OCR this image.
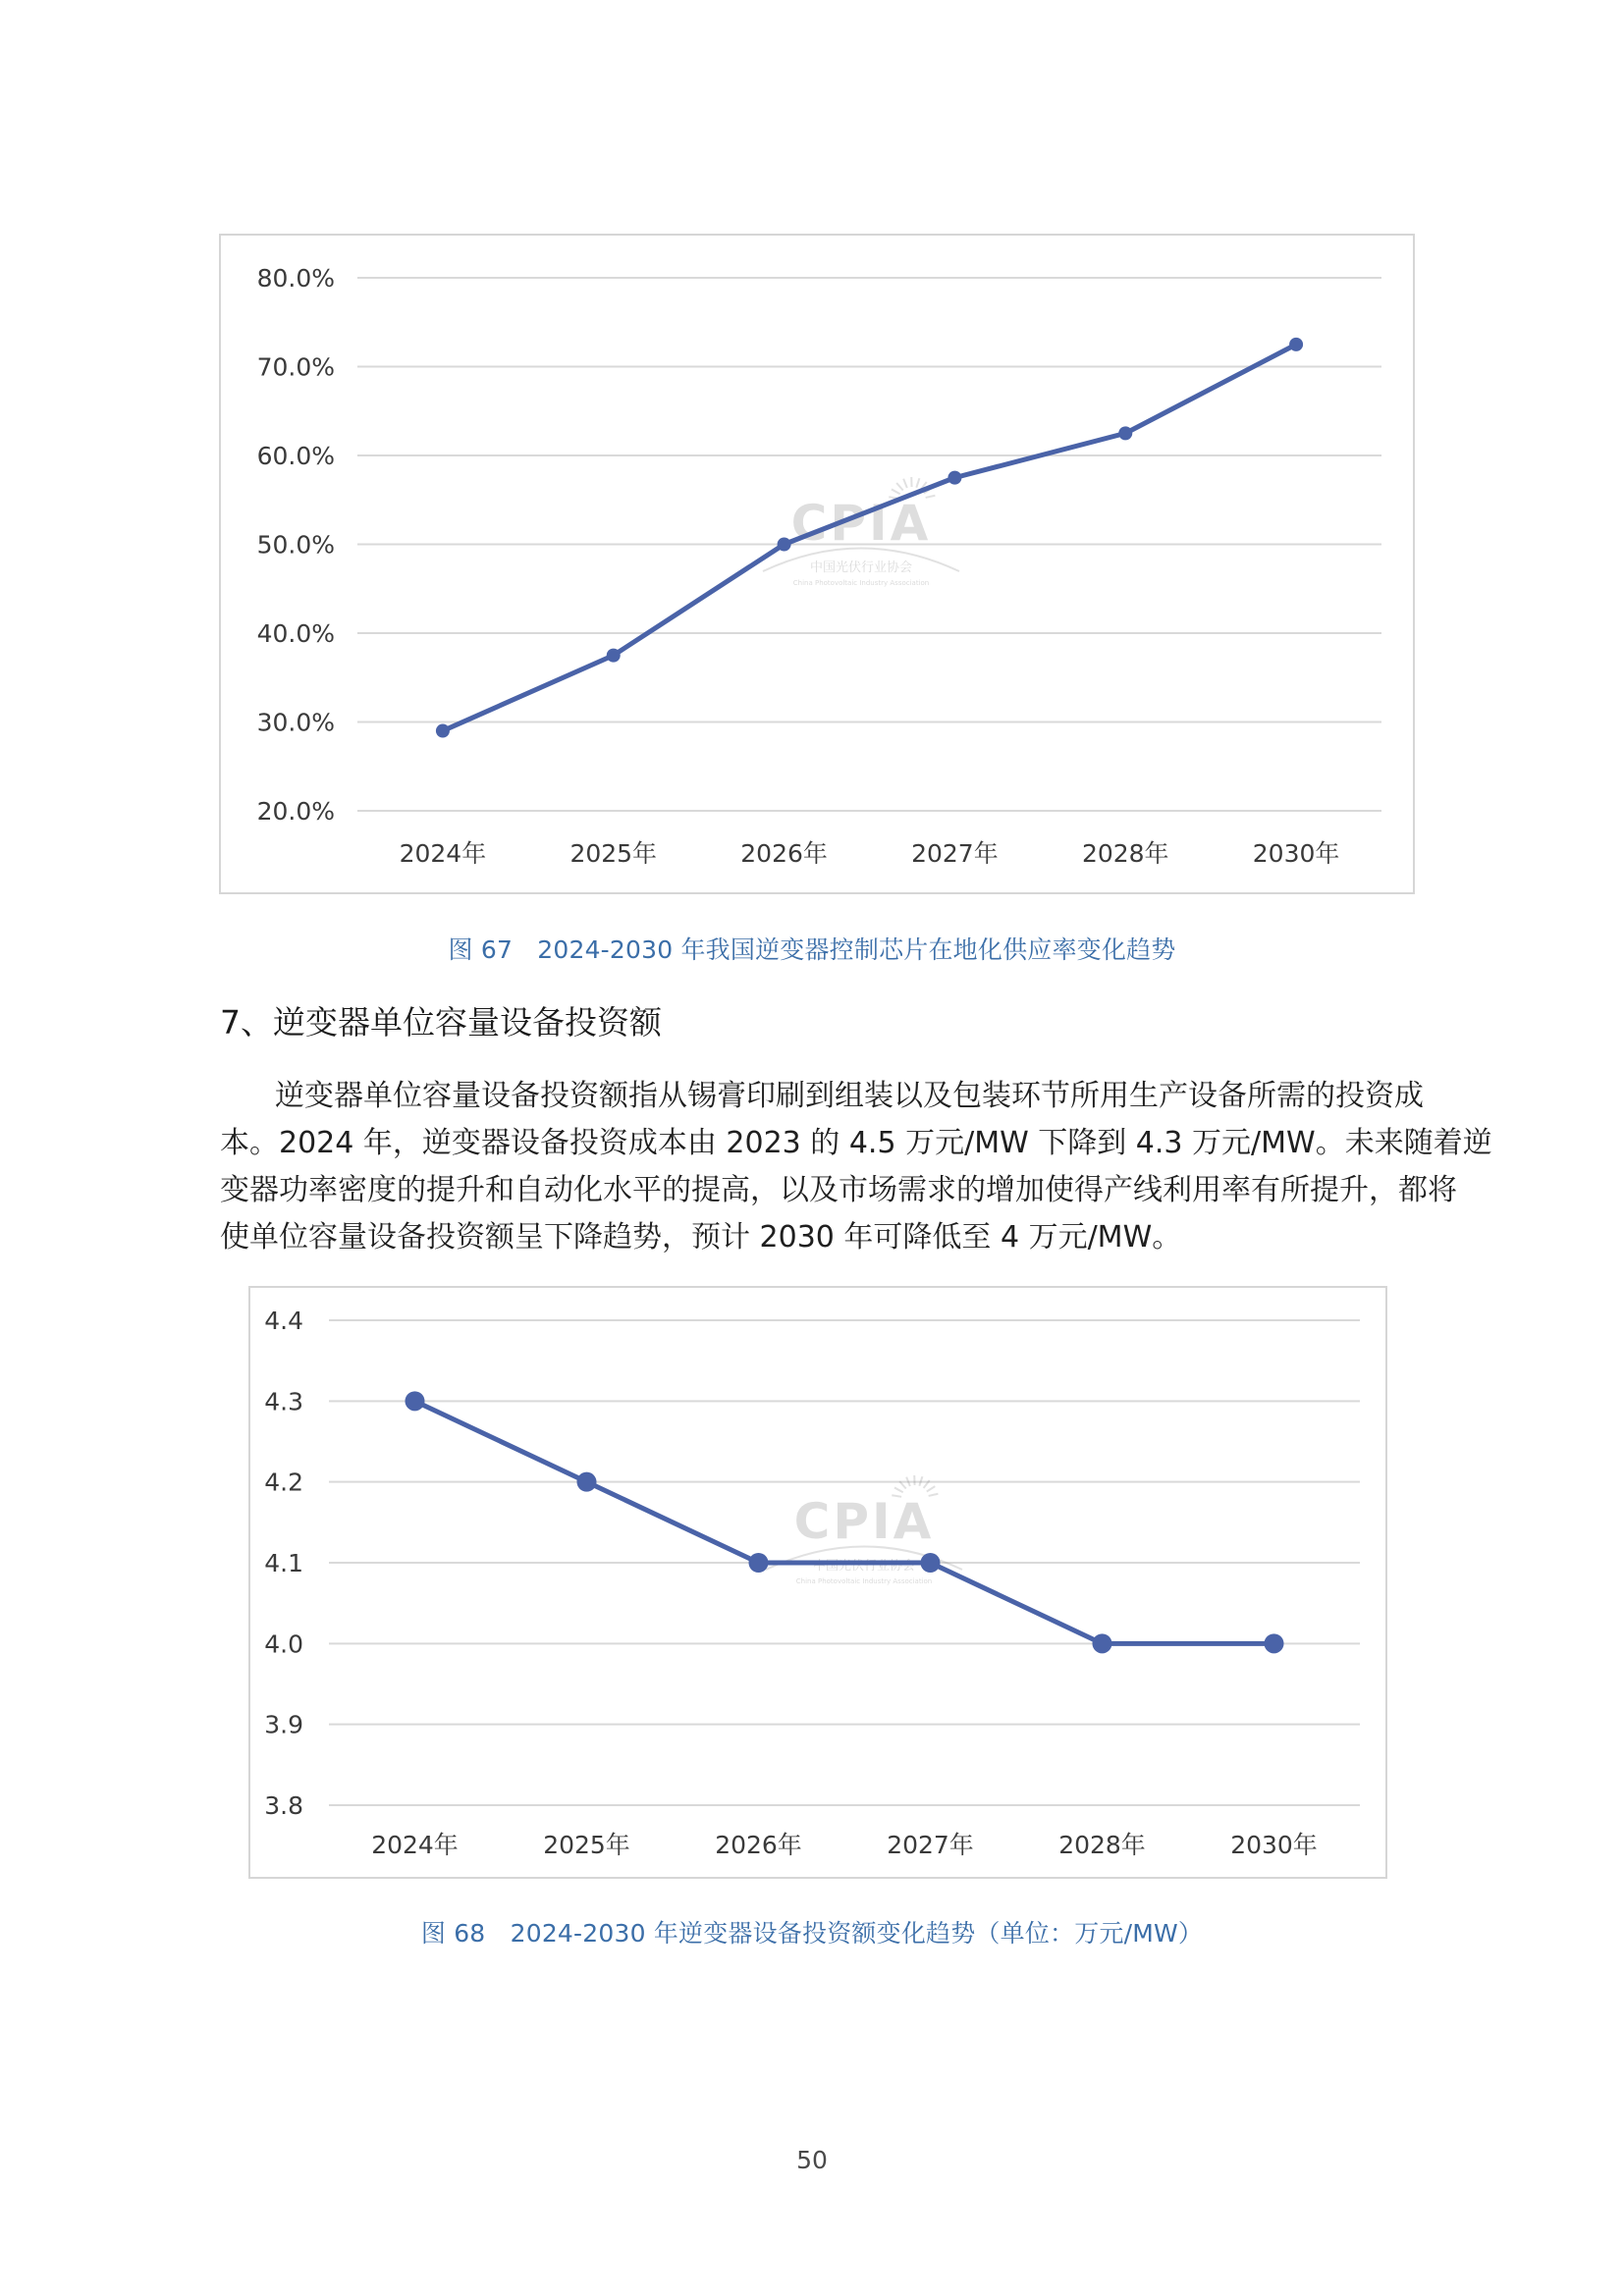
20.0%
30.0%
40.0%
50.0%
60.0%
70.0%
80.0%
CPIA
中国光伏行业协会
China Photovoltaic Industry Association
2024年	2025年	2026年	2027年	2028年	2030年
图 67　2024-2030 年我国逆变器控制芯片在地化供应率变化趋势
7、逆变器单位容量设备投资额

逆变器单位容量设备投资额指从锡膏印刷到组装以及包装环节所用生产设备所需的投资成
本。2024 年，逆变器设备投资成本由 2023 的 4.5 万元/MW 下降到 4.3 万元/MW。未来随着逆
变器功率密度的提升和自动化水平的提高，以及市场需求的增加使得产线利用率有所提升，都将
使单位容量设备投资额呈下降趋势，预计 2030 年可降低至 4 万元/MW。

3.8
3.9
4.0
4.1
4.2
4.3
4.4
CPIA
中国光伏行业协会
China Photovoltaic Industry Association
2024年	2025年	2026年	2027年	2028年	2030年
图 68　2024-2030 年逆变器设备投资额变化趋势（单位：万元/MW）
50
